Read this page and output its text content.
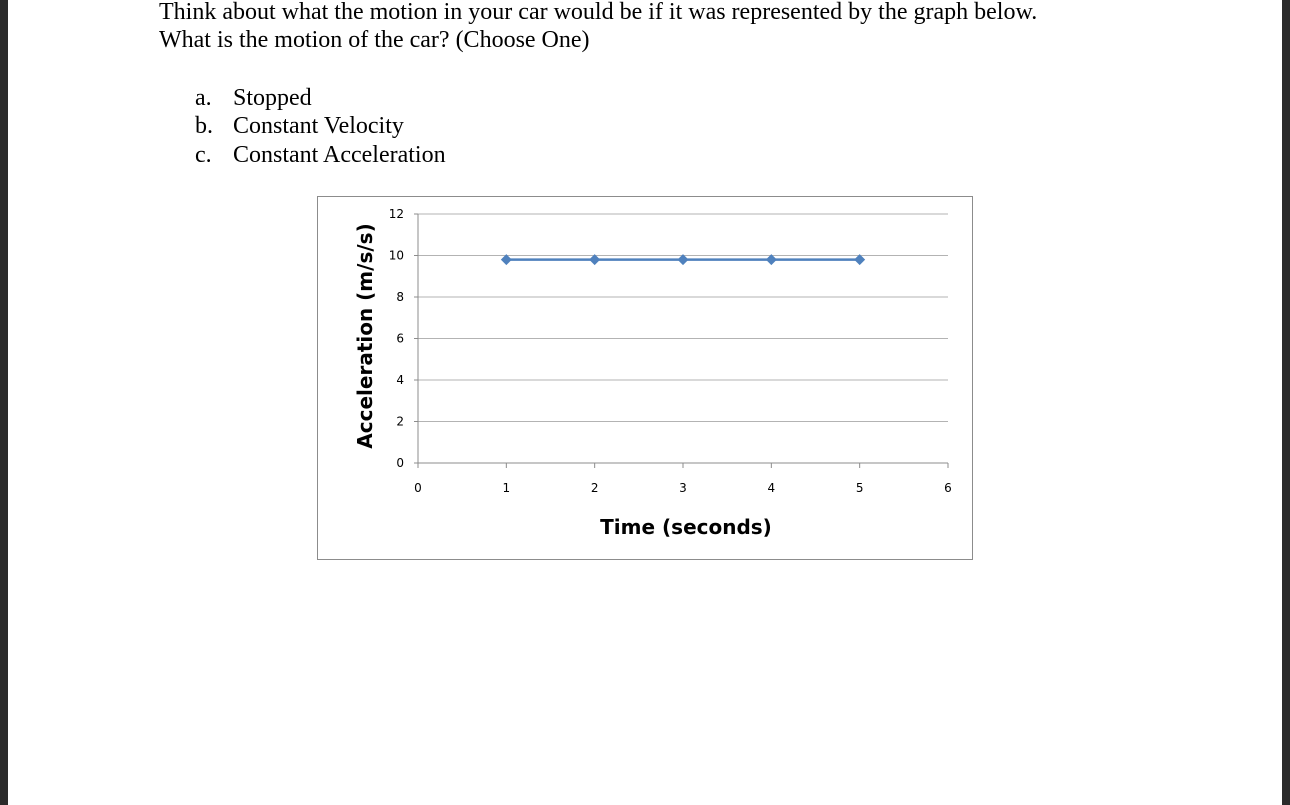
Think about what the motion in your car would be if it was represented by the graph below.
What is the motion of the car? (Choose One)
a. Stopped
b. Constant Velocity
c. Constant Acceleration
0
2
4
6
8
10
12
0	1	2	3	4	5	6
Time (seconds)
Acceleration (m/s/s)
